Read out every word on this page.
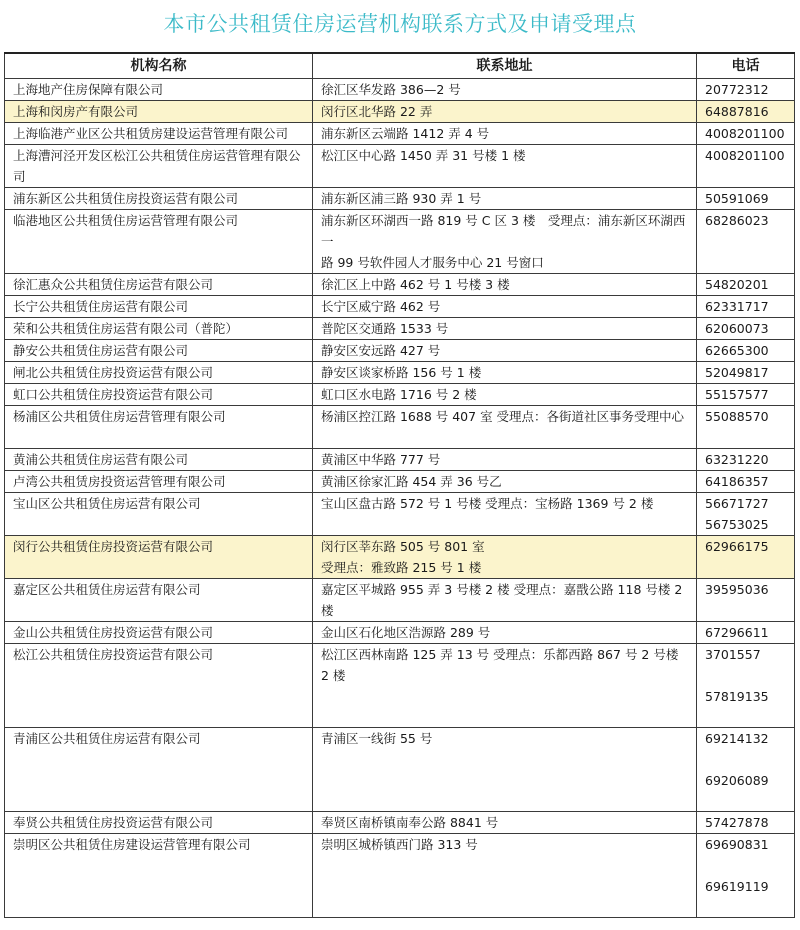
本市公共租赁住房运营机构联系方式及申请受理点
机构名称	联系地址	电话
上海地产住房保障有限公司	徐汇区华发路 386—2 号	20772312

上海和闵房产有限公司	闵行区北华路 22 弄	64887816

上海临港产业区公共租赁房建设运营管理有限公司	浦东新区云端路 1412 弄 4 号	4008201100

上海漕河泾开发区松江公共租赁住房运营管理有限公司	松江区中心路 1450 弄 31 号楼 1 楼	4008201100

浦东新区公共租赁住房投资运营有限公司	浦东新区浦三路 930 弄 1 号	50591069

临港地区公共租赁住房运营管理有限公司	浦东新区环湖西一路 819 号 C 区 3 楼　受理点：浦东新区环湖西一
路 99 号软件园人才服务中心 21 号窗口	68286023

徐汇惠众公共租赁住房运营有限公司	徐汇区上中路 462 号 1 号楼 3 楼	54820201

长宁公共租赁住房运营有限公司	长宁区威宁路 462 号	62331717

荣和公共租赁住房运营有限公司（普陀）	普陀区交通路 1533 号	62060073

静安公共租赁住房运营有限公司	静安区安远路 427 号	62665300

闸北公共租赁住房投资运营有限公司	静安区谈家桥路 156 号 1 楼	52049817

虹口公共租赁住房投资运营有限公司	虹口区水电路 1716 号 2 楼	55157577

杨浦区公共租赁住房运营管理有限公司	杨浦区控江路 1688 号 407 室 受理点：各街道社区事务受理中心	55088570

黄浦公共租赁住房运营有限公司	黄浦区中华路 777 号	63231220

卢湾公共租赁房投资运营管理有限公司	黄浦区徐家汇路 454 弄 36 号乙	64186357

宝山区公共租赁住房运营有限公司	宝山区盘古路 572 号 1 号楼 受理点：宝杨路 1369 号 2 楼	56671727
56753025

闵行公共租赁住房投资运营有限公司	闵行区莘东路 505 号 801 室
受理点：雅致路 215 号 1 楼	62966175

嘉定区公共租赁住房运营有限公司	嘉定区平城路 955 弄 3 号楼 2 楼 受理点：嘉戬公路 118 号楼 2 楼	39595036

金山公共租赁住房投资运营有限公司	金山区石化地区浩源路 289 号	67296611

松江公共租赁住房投资运营有限公司	松江区西林南路 125 弄 13 号 受理点：乐都西路 867 号 2 号楼 2 楼	3701557
57819135

青浦区公共租赁住房运营有限公司	青浦区一线街 55 号	69214132
69206089

奉贤公共租赁住房投资运营有限公司	奉贤区南桥镇南奉公路 8841 号	57427878

崇明区公共租赁住房建设运营管理有限公司	崇明区城桥镇西门路 313 号	69690831
69619119
